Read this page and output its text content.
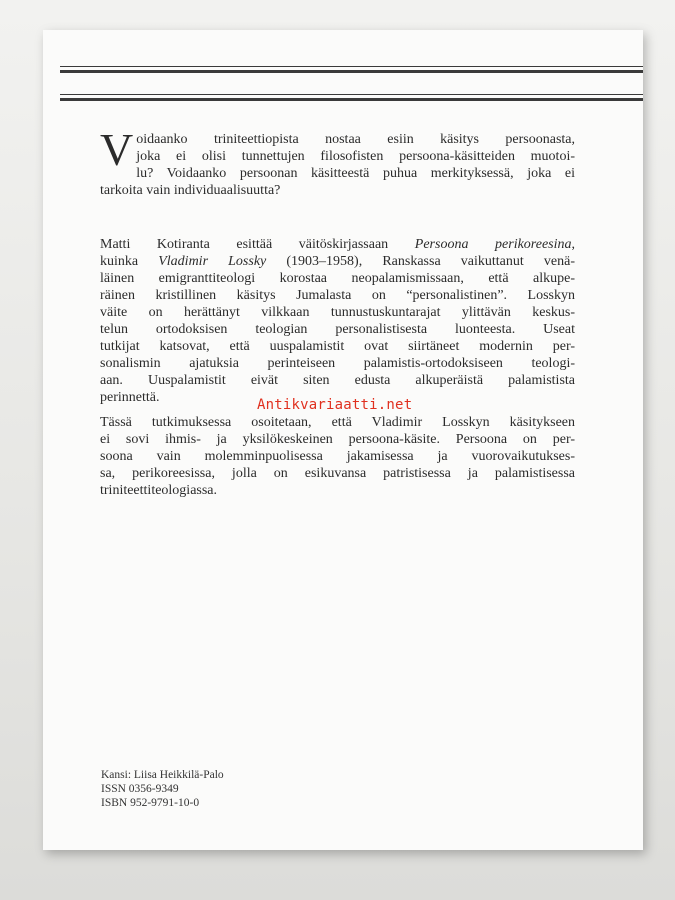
V oidaanko triniteettiopista nostaa esiin käsitys persoonasta,
joka ei olisi tunnettujen filosofisten persoona-käsitteiden muotoi-
lu? Voidaanko persoonan käsitteestä puhua merkityksessä, joka ei
tarkoita vain individuaalisuutta?
Matti Kotiranta esittää väitöskirjassaan Persoona perikoreesina,
kuinka Vladimir Lossky (1903–1958), Ranskassa vaikuttanut venä-
läinen emigranttiteologi korostaa neopalamismissaan, että alkupe-
räinen kristillinen käsitys Jumalasta on “personalistinen”. Losskyn
väite on herättänyt vilkkaan tunnustuskuntarajat ylittävän keskus-
telun ortodoksisen teologian personalistisesta luonteesta. Useat
tutkijat katsovat, että uuspalamistit ovat siirtäneet modernin per-
sonalismin ajatuksia perinteiseen palamistis-ortodoksiseen teologi-
aan. Uuspalamistit eivät siten edusta alkuperäistä palamistista
perinnettä.	Antikvariaatti.net
Tässä tutkimuksessa osoitetaan, että Vladimir Losskyn käsitykseen
ei sovi ihmis- ja yksilökeskeinen persoona-käsite. Persoona on per-
soona vain molemminpuolisessa jakamisessa ja vuorovaikutukses-
sa, perikoreesissa, jolla on esikuvansa patristisessa ja palamistisessa
triniteettiteologiassa.
Kansi: Liisa Heikkilä-Palo
ISSN 0356-9349
ISBN 952-9791-10-0
